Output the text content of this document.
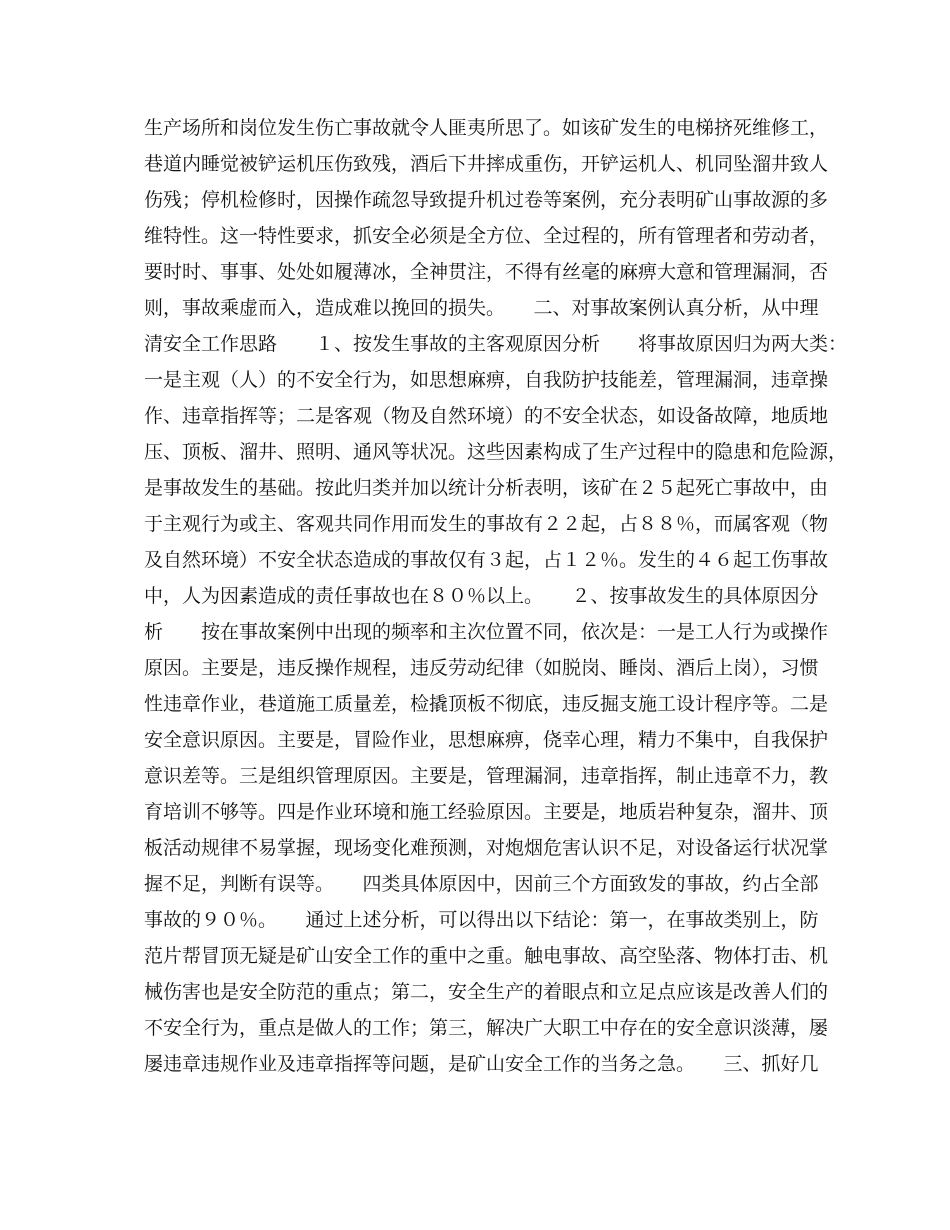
生产场所和岗位发生伤亡事故就令人匪夷所思了。如该矿发生的电梯挤死维修工，
巷道内睡觉被铲运机压伤致残，酒后下井摔成重伤，开铲运机人、机同坠溜井致人
伤残；停机检修时，因操作疏忽导致提升机过卷等案例，充分表明矿山事故源的多
维特性。这一特性要求，抓安全必须是全方位、全过程的，所有管理者和劳动者，
要时时、事事、处处如履薄冰，全神贯注，不得有丝毫的麻痹大意和管理漏洞，否
则，事故乘虚而入，造成难以挽回的损失。　　二、对事故案例认真分析，从中理
清安全工作思路　　１、按发生事故的主客观原因分析　　将事故原因归为两大类：
一是主观（人）的不安全行为，如思想麻痹，自我防护技能差，管理漏洞，违章操
作、违章指挥等；二是客观（物及自然环境）的不安全状态，如设备故障，地质地
压、顶板、溜井、照明、通风等状况。这些因素构成了生产过程中的隐患和危险源，
是事故发生的基础。按此归类并加以统计分析表明，该矿在２５起死亡事故中，由
于主观行为或主、客观共同作用而发生的事故有２２起，占８８％，而属客观（物
及自然环境）不安全状态造成的事故仅有３起，占１２％。发生的４６起工伤事故
中，人为因素造成的责任事故也在８０％以上。　　２、按事故发生的具体原因分
析　　按在事故案例中出现的频率和主次位置不同，依次是：一是工人行为或操作
原因。主要是，违反操作规程，违反劳动纪律（如脱岗、睡岗、酒后上岗），习惯
性违章作业，巷道施工质量差，检撬顶板不彻底，违反掘支施工设计程序等。二是
安全意识原因。主要是，冒险作业，思想麻痹，侥幸心理，精力不集中，自我保护
意识差等。三是组织管理原因。主要是，管理漏洞，违章指挥，制止违章不力，教
育培训不够等。四是作业环境和施工经验原因。主要是，地质岩种复杂，溜井、顶
板活动规律不易掌握，现场变化难预测，对炮烟危害认识不足，对设备运行状况掌
握不足，判断有误等。　　四类具体原因中，因前三个方面致发的事故，约占全部
事故的９０％。　　通过上述分析，可以得出以下结论：第一，在事故类别上，防
范片帮冒顶无疑是矿山安全工作的重中之重。触电事故、高空坠落、物体打击、机
械伤害也是安全防范的重点；第二，安全生产的着眼点和立足点应该是改善人们的
不安全行为，重点是做人的工作；第三，解决广大职工中存在的安全意识淡薄，屡
屡违章违规作业及违章指挥等问题，是矿山安全工作的当务之急。　　三、抓好几
